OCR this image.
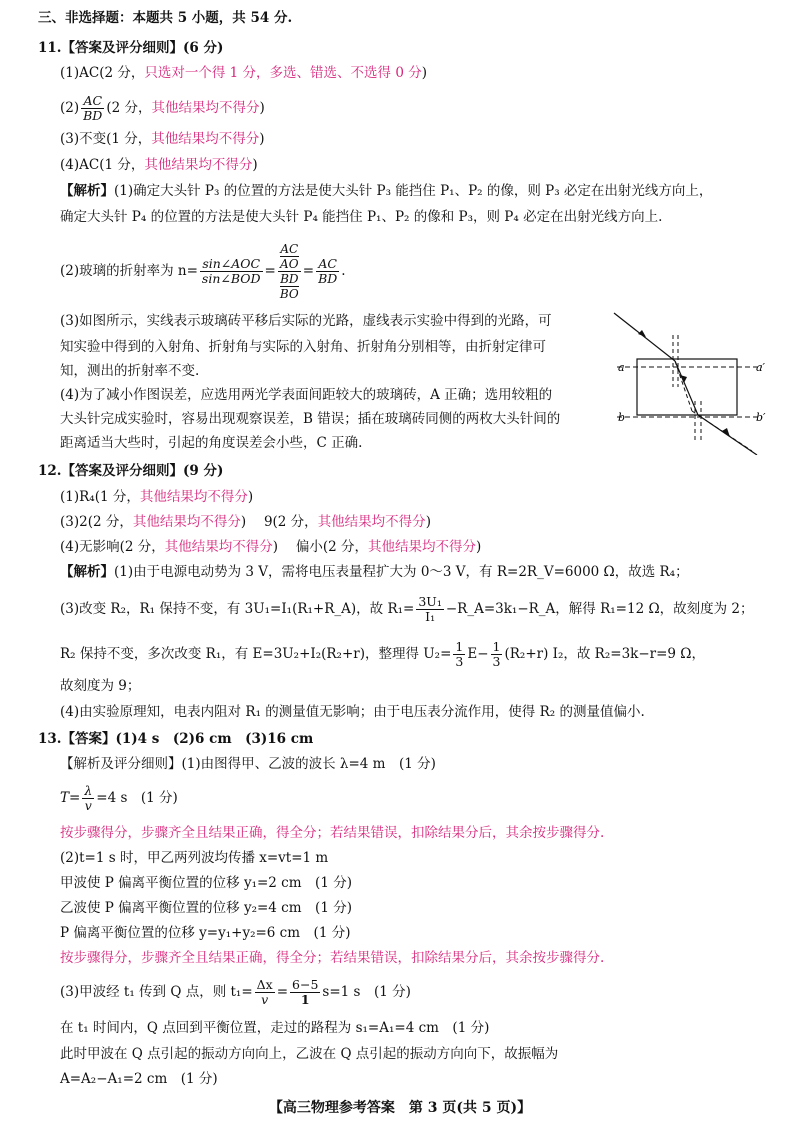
三、非选择题：本题共 5 小题，共 54 分.
11.【答案及评分细则】(6 分)
(1)AC(2 分，只选对一个得 1 分，多选、错选、不选得 0 分)
$(2) \frac{AC}{BD} (2$ 分，其他结果均不得分)
(3)不变(1 分，其他结果均不得分)
(4)AC(1 分，其他结果均不得分)
【解析】(1)确定大头针 P₃ 的位置的方法是使大头针 P₃ 能挡住 P₁、P₂ 的像，则 P₃ 必定在出射光线方向上，
确定大头针 P₄ 的位置的方法是使大头针 P₄ 能挡住 P₁、P₂ 的像和 P₃，则 P₄ 必定在出射光线方向上.
(2)玻璃的折射率为 $n= \frac{\text{sin∠AOC}}{\text{sin∠BOD}}$ = AC
AO
BD
BO = $\frac{AC}{BD}$ .
(3)如图所示，实线表示玻璃砖平移后实际的光路，虚线表示实验中得到的光路，可
知实验中得到的入射角、折射角与实际的入射角、折射角分别相等，由折射定律可
知，测出的折射率不变.
(4)为了减小作图误差，应选用两光学表面间距较大的玻璃砖，A 正确；选用较粗的
大头针完成实验时，容易出现观察误差，B 错误；插在玻璃砖同侧的两枚大头针间的
距离适当大些时，引起的角度误差会小些，C 正确.
a	a′
b	b′
12.【答案及评分细则】(9 分)
(1)R₄(1 分，其他结果均不得分)
(3)2(2 分，其他结果均不得分)　 9(2 分，其他结果均不得分)
(4)无影响(2 分，其他结果均不得分)　 偏小(2 分，其他结果均不得分)
【解析】(1)由于电源电动势为 3 V，需将电压表量程扩大为 0～3 V，有 R=2R_V=6000 Ω，故选 R₄；
(3)改变 R₂，R₁ 保持不变，有 3U₁=I₁(R₁+R_A)，故 $R_1= \frac{\text{3U₁}}{\text{I₁}}$ −R_A=3k₁−R_A，解得 R₁=12 Ω，故刻度为 2；
R₂ 保持不变，多次改变 R₁，有 E=3U₂+I₂(R₂+r)，整理得 $U_2= \frac{1}{3} E- \frac{1}{3} (R_2+r)$ I₂，故 R₂=3k−r=9 Ω，
故刻度为 9；
(4)由实验原理知，电表内阻对 R₁ 的测量值无影响；由于电压表分流作用，使得 R₂ 的测量值偏小.
13.【答案】(1)4 s　(2)6 cm　(3)16 cm
【解析及评分细则】(1)由图得甲、乙波的波长 λ=4 m　(1 分)
$T= \frac{\lambda}{v} =4$ s　(1 分)
按步骤得分，步骤齐全且结果正确，得全分；若结果错误，扣除结果分后，其余按步骤得分.
(2)t=1 s 时，甲乙两列波均传播 x=vt=1 m
甲波使 P 偏离平衡位置的位移 y₁=2 cm　(1 分)
乙波使 P 偏离平衡位置的位移 y₂=4 cm　(1 分)
P 偏离平衡位置的位移 y=y₁+y₂=6 cm　(1 分)
按步骤得分，步骤齐全且结果正确，得全分；若结果错误，扣除结果分后，其余按步骤得分.
(3)甲波经 t₁ 传到 Q 点，则 $t_1= \frac{\Delta x}{v} = \frac{6-5}{1} s=1$ s　(1 分)
在 t₁ 时间内，Q 点回到平衡位置，走过的路程为 s₁=A₁=4 cm　(1 分)
此时甲波在 Q 点引起的振动方向向上，乙波在 Q 点引起的振动方向向下，故振幅为
A=A₂−A₁=2 cm　(1 分)
【高三物理参考答案　第 3 页(共 5 页)】
